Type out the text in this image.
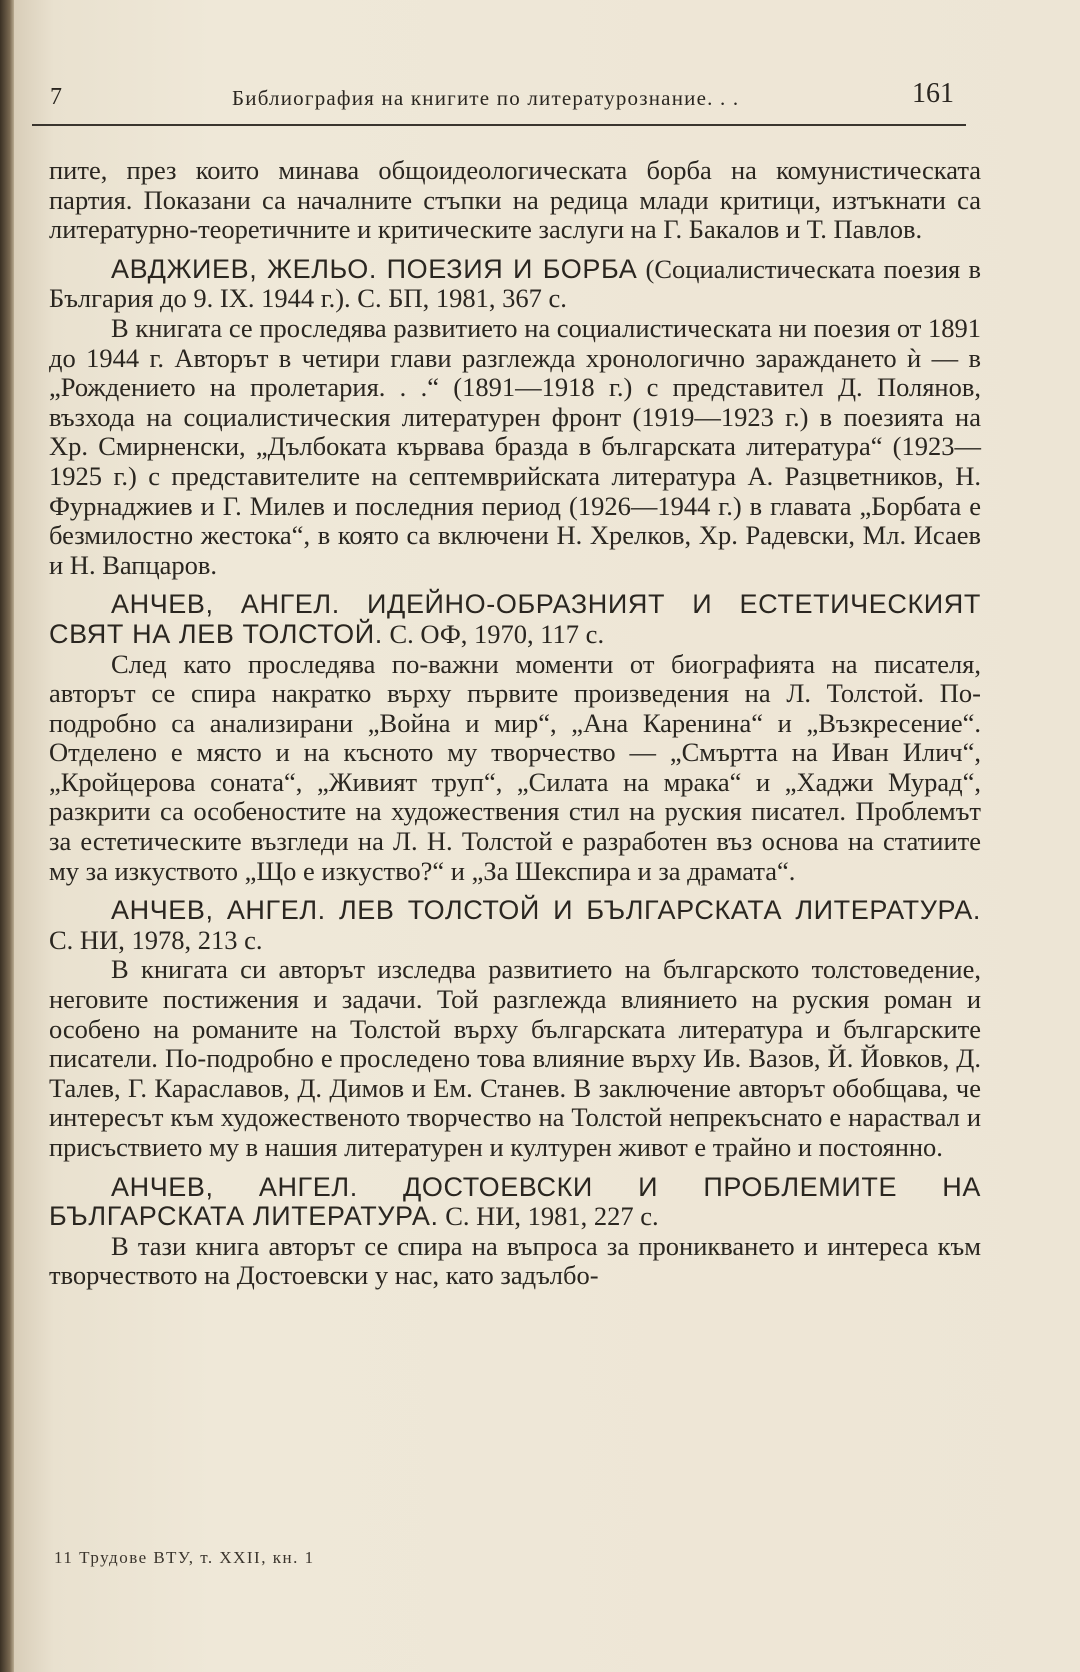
7	Библиография на книгите по литературознание. . .	161

пите, през които минава общоидеологическата борба на комунистическата партия. Показани са началните стъпки на редица млади критици, изтъкнати са литературно-теоретичните и критическите заслуги на Г. Бакалов и Т. Павлов.

АВДЖИЕВ, ЖЕЛЬО. ПОЕЗИЯ И БОРБА (Социалистическата поезия в България до 9. IX. 1944 г.). С. БП, 1981, 367 с.

В книгата се проследява развитието на социалистическата ни поезия от 1891 до 1944 г. Авторът в четири глави разглежда хронологично зараждането ѝ — в „Рождението на пролетария. . .“ (1891—1918 г.) с представител Д. Полянов, възхода на социалистическия литературен фронт (1919—1923 г.) в поезията на Хр. Смирненски, „Дълбоката кървава бразда в българската литература“ (1923—1925 г.) с представителите на септемврийската литература А. Разцветников, Н. Фурнаджиев и Г. Милев и последния период (1926—1944 г.) в главата „Борбата е безмилостно жестока“, в която са включени Н. Хрелков, Хр. Радевски, Мл. Исаев и Н. Вапцаров.

АНЧЕВ, АНГЕЛ. ИДЕЙНО-ОБРАЗНИЯТ И ЕСТЕТИЧЕСКИЯТ СВЯТ НА ЛЕВ ТОЛСТОЙ. С. ОФ, 1970, 117 с.

След като проследява по-важни моменти от биографията на писателя, авторът се спира накратко върху първите произведения на Л. Толстой. По-подробно са анализирани „Война и мир“, „Ана Каренина“ и „Възкресение“. Отделено е място и на късното му творчество — „Смъртта на Иван Илич“, „Кройцерова соната“, „Живият труп“, „Силата на мрака“ и „Хаджи Мурад“, разкрити са особеностите на художествения стил на руския писател. Проблемът за естетическите възгледи на Л. Н. Толстой е разработен въз основа на статиите му за изкуството „Що е изкуство?“ и „За Шекспира и за драмата“.

АНЧЕВ, АНГЕЛ. ЛЕВ ТОЛСТОЙ И БЪЛГАРСКАТА ЛИТЕРАТУРА. С. НИ, 1978, 213 с.

В книгата си авторът изследва развитието на българското толстоведение, неговите постижения и задачи. Той разглежда влиянието на руския роман и особено на романите на Толстой върху българската литература и българските писатели. По-подробно е проследено това влияние върху Ив. Вазов, Й. Йовков, Д. Талев, Г. Караславов, Д. Димов и Ем. Станев. В заключение авторът обобщава, че интересът към художественото творчество на Толстой непрекъснато е нараствал и присъствието му в нашия литературен и културен живот е трайно и постоянно.

АНЧЕВ, АНГЕЛ. ДОСТОЕВСКИ И ПРОБЛЕМИТЕ НА БЪЛГАРСКАТА ЛИТЕРАТУРА. С. НИ, 1981, 227 с.

В тази книга авторът се спира на въпроса за проникването и интереса към творчеството на Достоевски у нас, като задълбо-

11 Трудове ВТУ, т. XXII, кн. 1
